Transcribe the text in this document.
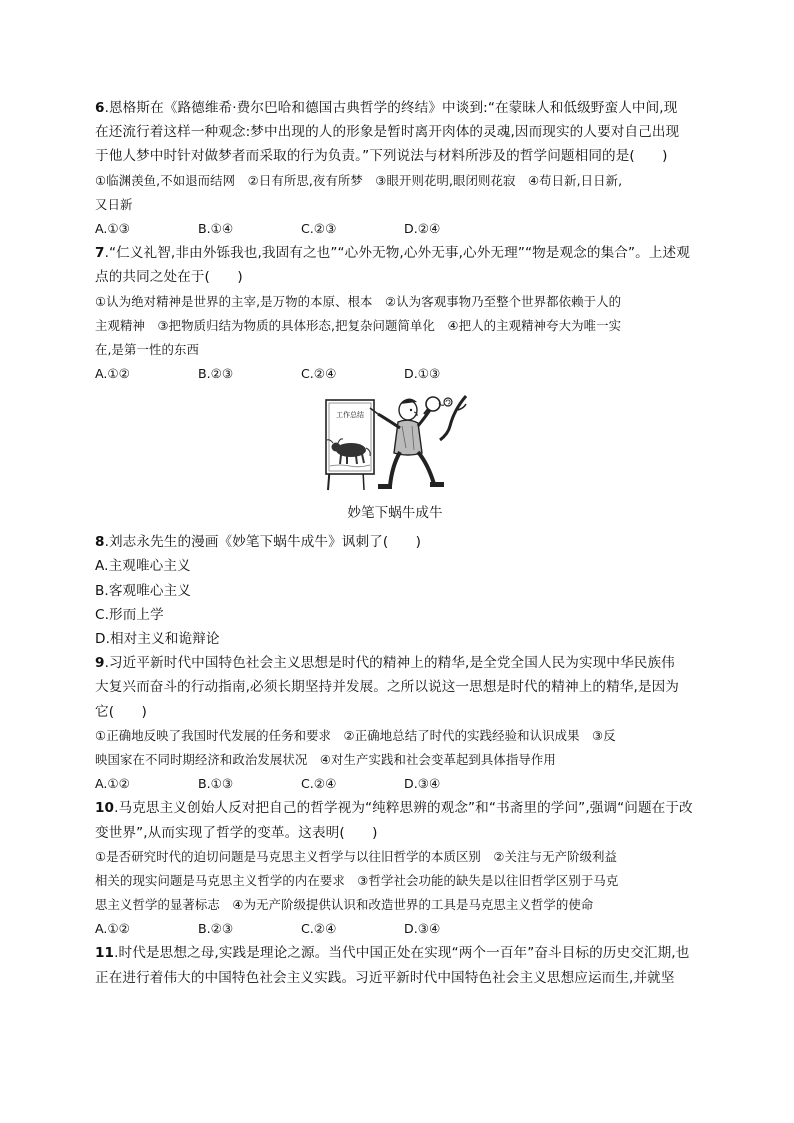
6.恩格斯在《路德维希·费尔巴哈和德国古典哲学的终结》中谈到:“在蒙昧人和低级野蛮人中间,现
在还流行着这样一种观念:梦中出现的人的形象是暂时离开肉体的灵魂,因而现实的人要对自己出现
于他人梦中时针对做梦者而采取的行为负责。”下列说法与材料所涉及的哲学问题相同的是(　　)
①临渊羡鱼,不如退而结网　②日有所思,夜有所梦　③眼开则花明,眼闭则花寂　④苟日新,日日新,
又日新
A.①③	B.①④	C.②③	D.②④
7.“仁义礼智,非由外铄我也,我固有之也”“心外无物,心外无事,心外无理”“物是观念的集合”。上述观
点的共同之处在于(　　)
①认为绝对精神是世界的主宰,是万物的本原、根本　②认为客观事物乃至整个世界都依赖于人的
主观精神　③把物质归结为物质的具体形态,把复杂问题简单化　④把人的主观精神夸大为唯一实
在,是第一性的东西
A.①②	B.②③	C.②④	D.①③
工作总结
妙笔下蜗牛成牛
8.刘志永先生的漫画《妙笔下蜗牛成牛》讽刺了(　　)
A.主观唯心主义
B.客观唯心主义
C.形而上学
D.相对主义和诡辩论
9.习近平新时代中国特色社会主义思想是时代的精神上的精华,是全党全国人民为实现中华民族伟
大复兴而奋斗的行动指南,必须长期坚持并发展。之所以说这一思想是时代的精神上的精华,是因为
它(　　)
①正确地反映了我国时代发展的任务和要求　②正确地总结了时代的实践经验和认识成果　③反
映国家在不同时期经济和政治发展状况　④对生产实践和社会变革起到具体指导作用
A.①②	B.①③	C.②④	D.③④
10.马克思主义创始人反对把自己的哲学视为“纯粹思辨的观念”和“书斋里的学问”,强调“问题在于改
变世界”,从而实现了哲学的变革。这表明(　　)
①是否研究时代的迫切问题是马克思主义哲学与以往旧哲学的本质区别　②关注与无产阶级利益
相关的现实问题是马克思主义哲学的内在要求　③哲学社会功能的缺失是以往旧哲学区别于马克
思主义哲学的显著标志　④为无产阶级提供认识和改造世界的工具是马克思主义哲学的使命
A.①②	B.②③	C.②④	D.③④
11.时代是思想之母,实践是理论之源。当代中国正处在实现“两个一百年”奋斗目标的历史交汇期,也
正在进行着伟大的中国特色社会主义实践。习近平新时代中国特色社会主义思想应运而生,并就坚
